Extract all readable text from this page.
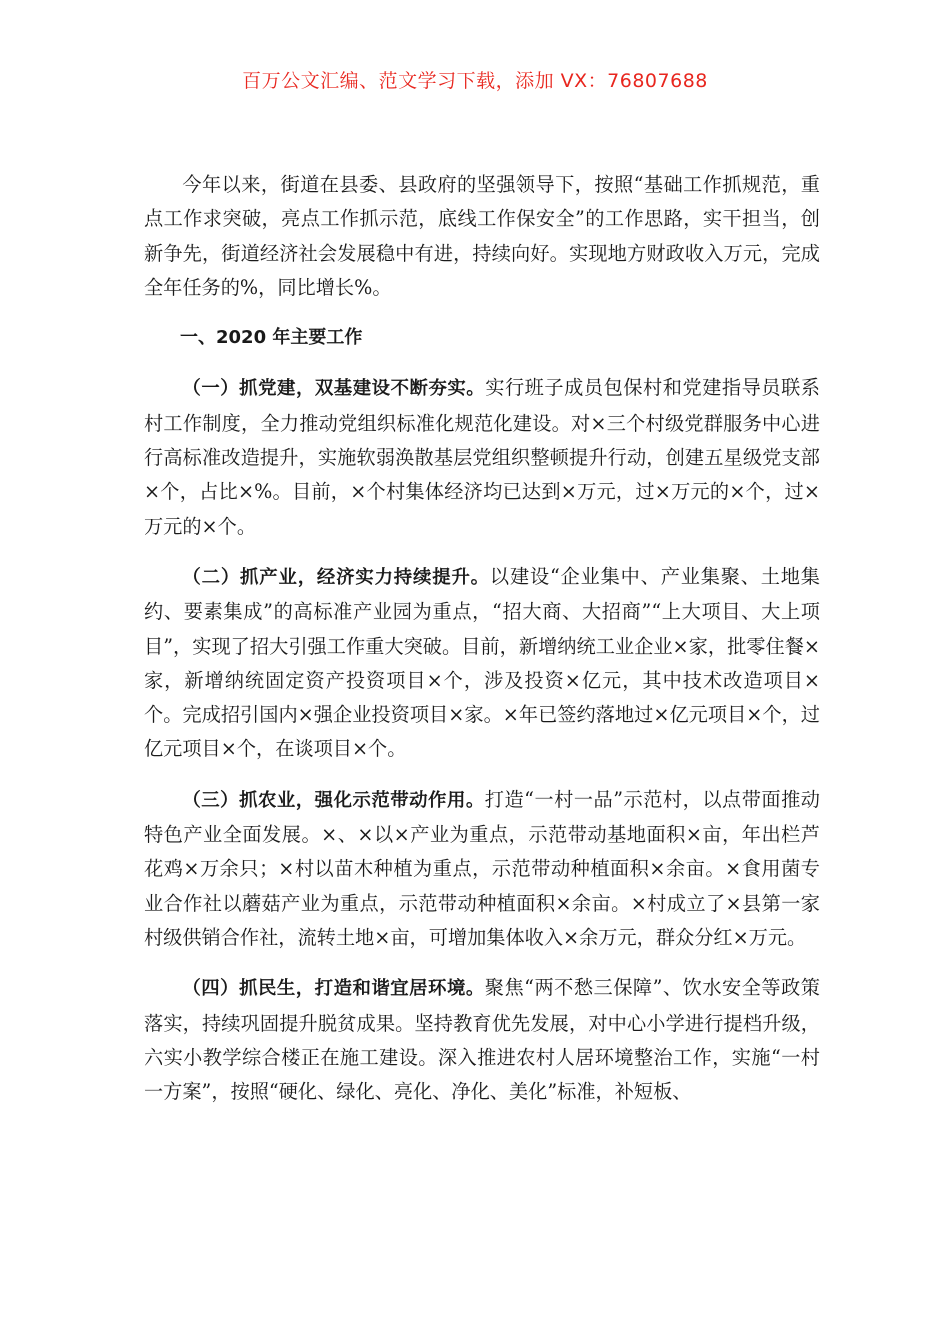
百万公文汇编、范文学习下载，添加 VX：76807688

今年以来，街道在县委、县政府的坚强领导下，按照“基础工作抓规范，重点工作求突破，亮点工作抓示范，底线工作保安全”的工作思路，实干担当，创新争先，街道经济社会发展稳中有进，持续向好。实现地方财政收入万元，完成全年任务的%，同比增长%。

一、2020 年主要工作

（一）抓党建，双基建设不断夯实。实行班子成员包保村和党建指导员联系村工作制度，全力推动党组织标准化规范化建设。对×三个村级党群服务中心进行高标准改造提升，实施软弱涣散基层党组织整顿提升行动，创建五星级党支部×个，占比×%。目前，×个村集体经济均已达到×万元，过×万元的×个，过×万元的×个。

（二）抓产业，经济实力持续提升。以建设“企业集中、产业集聚、土地集约、要素集成”的高标准产业园为重点，“招大商、大招商”“上大项目、大上项目”，实现了招大引强工作重大突破。目前，新增纳统工业企业×家，批零住餐×家，新增纳统固定资产投资项目×个，涉及投资×亿元，其中技术改造项目×个。完成招引国内×强企业投资项目×家。×年已签约落地过×亿元项目×个，过亿元项目×个，在谈项目×个。

（三）抓农业，强化示范带动作用。打造“一村一品”示范村，以点带面推动特色产业全面发展。×、×以×产业为重点，示范带动基地面积×亩，年出栏芦花鸡×万余只；×村以苗木种植为重点，示范带动种植面积×余亩。×食用菌专业合作社以蘑菇产业为重点，示范带动种植面积×余亩。×村成立了×县第一家村级供销合作社，流转土地×亩，可增加集体收入×余万元，群众分红×万元。

（四）抓民生，打造和谐宜居环境。聚焦“两不愁三保障”、饮水安全等政策落实，持续巩固提升脱贫成果。坚持教育优先发展，对中心小学进行提档升级，六实小教学综合楼正在施工建设。深入推进农村人居环境整治工作，实施“一村一方案”，按照“硬化、绿化、亮化、净化、美化”标准，补短板、
